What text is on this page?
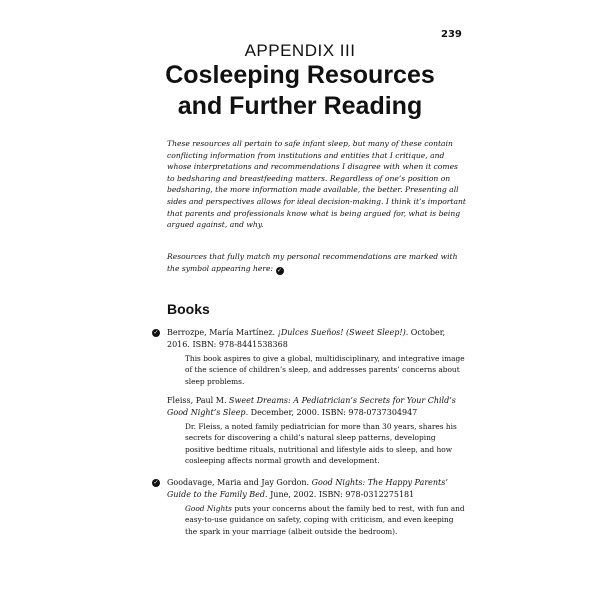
239
APPENDIX III
Cosleeping Resources
and Further Reading

These resources all pertain to safe infant sleep, but many of these contain conflicting information from institutions and entities that I critique, and whose interpretations and recommendations I disagree with when it comes to bedsharing and breastfeeding matters. Regardless of one’s position on bedsharing, the more information made available, the better. Presenting all sides and perspectives allows for ideal decision-making. I think it’s important that parents and professionals know what is being argued for, what is being argued against, and why.

Resources that fully match my personal recommendations are marked with the symbol appearing here: ✓

Books
✓ Berrozpe, María Martínez. ¡Dulces Sueños! (Sweet Sleep!). October, 2016. ISBN: 978-8441538368

This book aspires to give a global, multidisciplinary, and integrative image of the science of children’s sleep, and addresses parents’ concerns about sleep problems.

Fleiss, Paul M. Sweet Dreams: A Pediatrician’s Secrets for Your Child’s Good Night’s Sleep. December, 2000. ISBN: 978-0737304947

Dr. Fleiss, a noted family pediatrician for more than 30 years, shares his secrets for discovering a child’s natural sleep patterns, developing positive bedtime rituals, nutritional and lifestyle aids to sleep, and how cosleeping affects normal growth and development.

✓ Goodavage, Maria and Jay Gordon. Good Nights: The Happy Parents’ Guide to the Family Bed. June, 2002. ISBN: 978-0312275181

Good Nights puts your concerns about the family bed to rest, with fun and easy-to-use guidance on safety, coping with criticism, and even keeping the spark in your marriage (albeit outside the bedroom).
